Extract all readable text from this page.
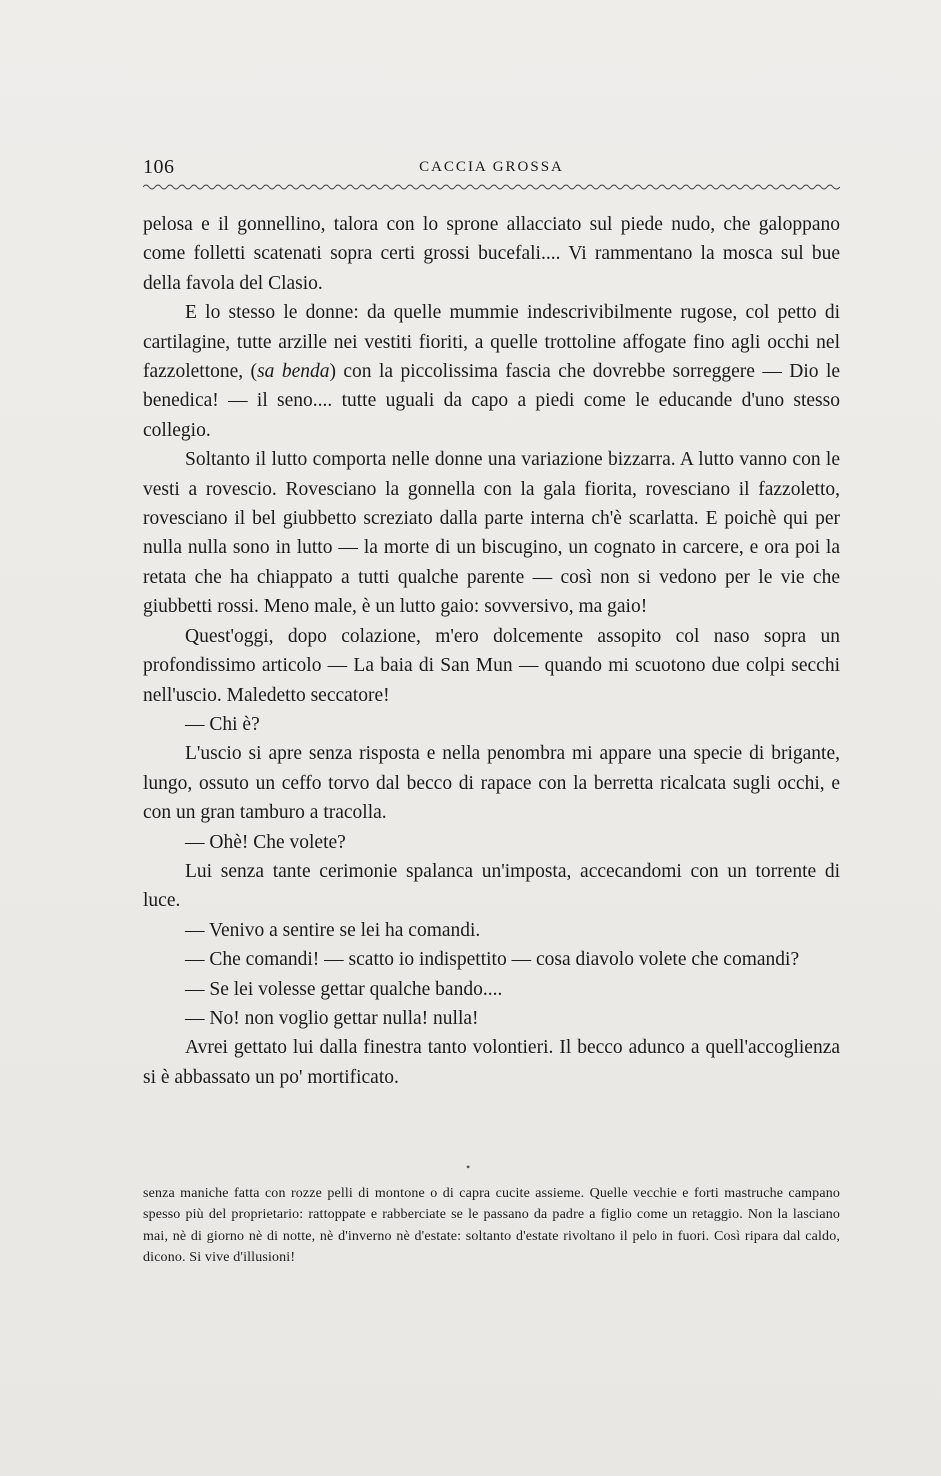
106	CACCIA GROSSA

pelosa e il gonnellino, talora con lo sprone allacciato sul piede nudo, che galoppano come folletti scatenati sopra certi grossi bucefali.... Vi rammentano la mosca sul bue della favola del Clasio.

E lo stesso le donne: da quelle mummie indescrivibilmente rugose, col petto di cartilagine, tutte arzille nei vestiti fioriti, a quelle trottoline affogate fino agli occhi nel fazzolettone, (sa benda) con la piccolissima fascia che dovrebbe sorreggere — Dio le benedica! — il seno.... tutte uguali da capo a piedi come le educande d'uno stesso collegio.

Soltanto il lutto comporta nelle donne una variazione bizzarra. A lutto vanno con le vesti a rovescio. Rovesciano la gonnella con la gala fiorita, rovesciano il fazzoletto, rovesciano il bel giubbetto screziato dalla parte interna ch'è scarlatta. E poichè qui per nulla nulla sono in lutto — la morte di un biscugino, un cognato in carcere, e ora poi la retata che ha chiappato a tutti qualche parente — così non si vedono per le vie che giubbetti rossi. Meno male, è un lutto gaio: sovversivo, ma gaio!

Quest'oggi, dopo colazione, m'ero dolcemente assopito col naso sopra un profondissimo articolo — La baia di San Mun — quando mi scuotono due colpi secchi nell'uscio. Maledetto seccatore!

— Chi è?

L'uscio si apre senza risposta e nella penombra mi appare una specie di brigante, lungo, ossuto un ceffo torvo dal becco di rapace con la berretta ricalcata sugli occhi, e con un gran tamburo a tracolla.

— Ohè! Che volete?

Lui senza tante cerimonie spalanca un'imposta, accecandomi con un torrente di luce.

— Venivo a sentire se lei ha comandi.

— Che comandi! — scatto io indispettito — cosa diavolo volete che comandi?

— Se lei volesse gettar qualche bando....

— No! non voglio gettar nulla! nulla!

Avrei gettato lui dalla finestra tanto volontieri. Il becco adunco a quell'accoglienza si è abbassato un po' mortificato.

•

senza maniche fatta con rozze pelli di montone o di capra cucite assieme. Quelle vecchie e forti mastruche campano spesso più del proprietario: rattoppate e rabberciate se le passano da padre a figlio come un retaggio. Non la lasciano mai, nè di giorno nè di notte, nè d'inverno nè d'estate: soltanto d'estate rivoltano il pelo in fuori. Così ripara dal caldo, dicono. Si vive d'illusioni!
